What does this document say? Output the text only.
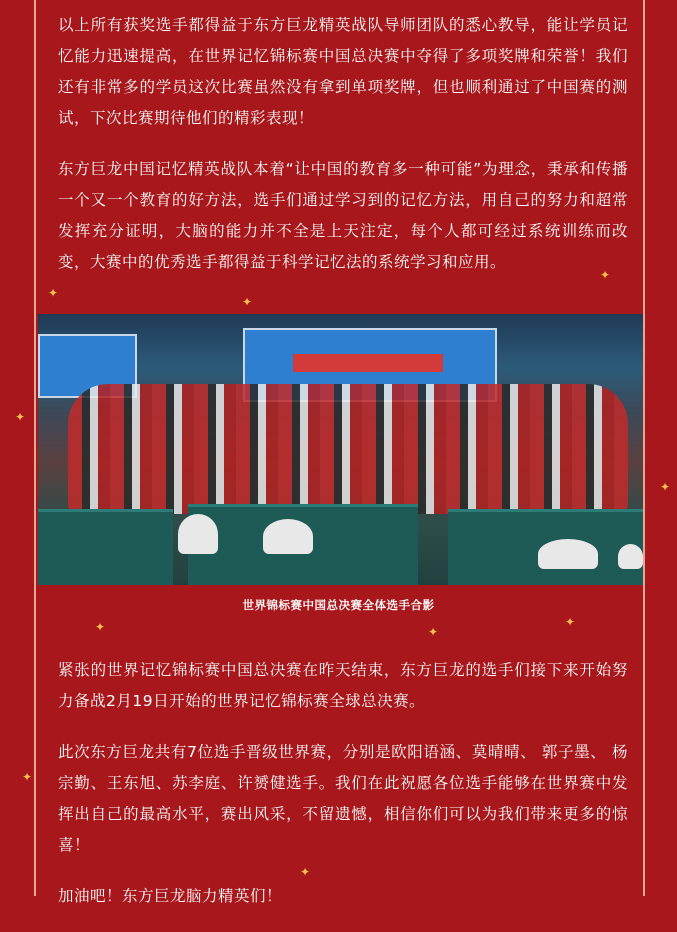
以上所有获奖选手都得益于东方巨龙精英战队导师团队的悉心教导，能让学员记忆能力迅速提高，在世界记忆锦标赛中国总决赛中夺得了多项奖牌和荣誉！我们还有非常多的学员这次比赛虽然没有拿到单项奖牌，但也顺利通过了中国赛的测试，下次比赛期待他们的精彩表现！

东方巨龙中国记忆精英战队本着“让中国的教育多一种可能”为理念，秉承和传播一个又一个教育的好方法，选手们通过学习到的记忆方法，用自己的努力和超常发挥充分证明，大脑的能力并不全是上天注定，每个人都可经过系统训练而改变，大赛中的优秀选手都得益于科学记忆法的系统学习和应用。

世界锦标赛中国总决赛全体选手合影

紧张的世界记忆锦标赛中国总决赛在昨天结束，东方巨龙的选手们接下来开始努力备战2月19日开始的世界记忆锦标赛全球总决赛。

此次东方巨龙共有7位选手晋级世界赛，分别是欧阳语涵、莫晴晴、 郭子墨、 杨宗勤、王东旭、苏李庭、许赟健选手。我们在此祝愿各位选手能够在世界赛中发挥出自己的最高水平，赛出风采，不留遗憾，相信你们可以为我们带来更多的惊喜！

加油吧！东方巨龙脑力精英们！

✦
✦
✦
✦
✦
✦	✦
✦
✦
✦
